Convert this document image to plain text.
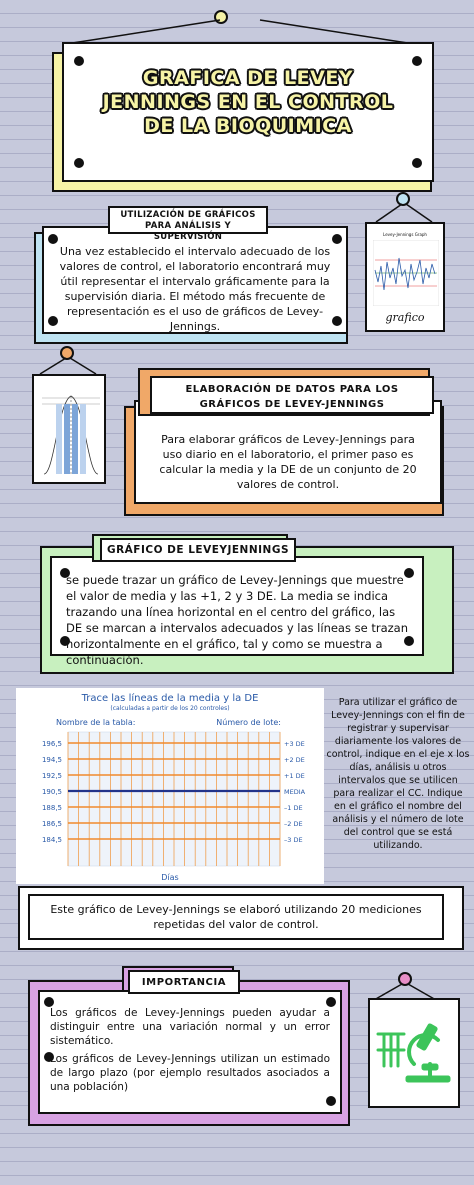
GRAFICA DE LEVEY JENNINGS EN EL CONTROL DE LA BIOQUIMICA
Una vez establecido el intervalo adecuado de los valores de control, el laboratorio encontrará muy útil representar el intervalo gráficamente para la supervisión diaria. El método más frecuente de representación es el uso de gráficos de Levey-Jennings.
UTILIZACIÓN DE GRÁFICOS PARA ANÁLISIS Y SUPERVISIÓN	Levey-Jennings Graph
grafico
Para elaborar gráficos de Levey-Jennings para uso diario en el laboratorio, el primer paso es calcular la media y la DE de un conjunto de 20 valores de control.
ELABORACIÓN DE DATOS PARA LOS GRÁFICOS DE LEVEY-JENNINGS
se puede trazar un gráfico de Levey-Jennings que muestre el valor de media y las +1, 2 y 3 DE. La media se indica trazando una línea horizontal en el centro del gráfico, las DE se marcan a intervalos adecuados y las líneas se trazan horizontalmente en el gráfico, tal y como se muestra a continuación.
GRÁFICO DE LEVEYJENNINGS
Trace las líneas de la media y la DE
(calculadas a partir de los 20 controles)
Nombre de la tabla:	Número de lote:
196,5
194,5
192,5
190,5
188,5
186,5
184,5
+3 DE
+2 DE
+1 DE
MEDIA
–1 DE
–2 DE
–3 DE
Días
Para utilizar el gráfico de Levey-Jennings con el fin de registrar y supervisar diariamente los valores de control, indique en el eje x los días, análisis u otros intervalos que se utilicen para realizar el CC. Indique en el gráfico el nombre del análisis y el número de lote del control que se está utilizando.
Este gráfico de Levey-Jennings se elaboró utilizando 20 mediciones repetidas del valor de control.
Los gráficos de Levey-Jennings pueden ayudar a distinguir entre una variación normal y un error sistemático.
Los gráficos de Levey-Jennings utilizan un estimado de largo plazo (por ejemplo resultados asociados a una población)
IMPORTANCIA
